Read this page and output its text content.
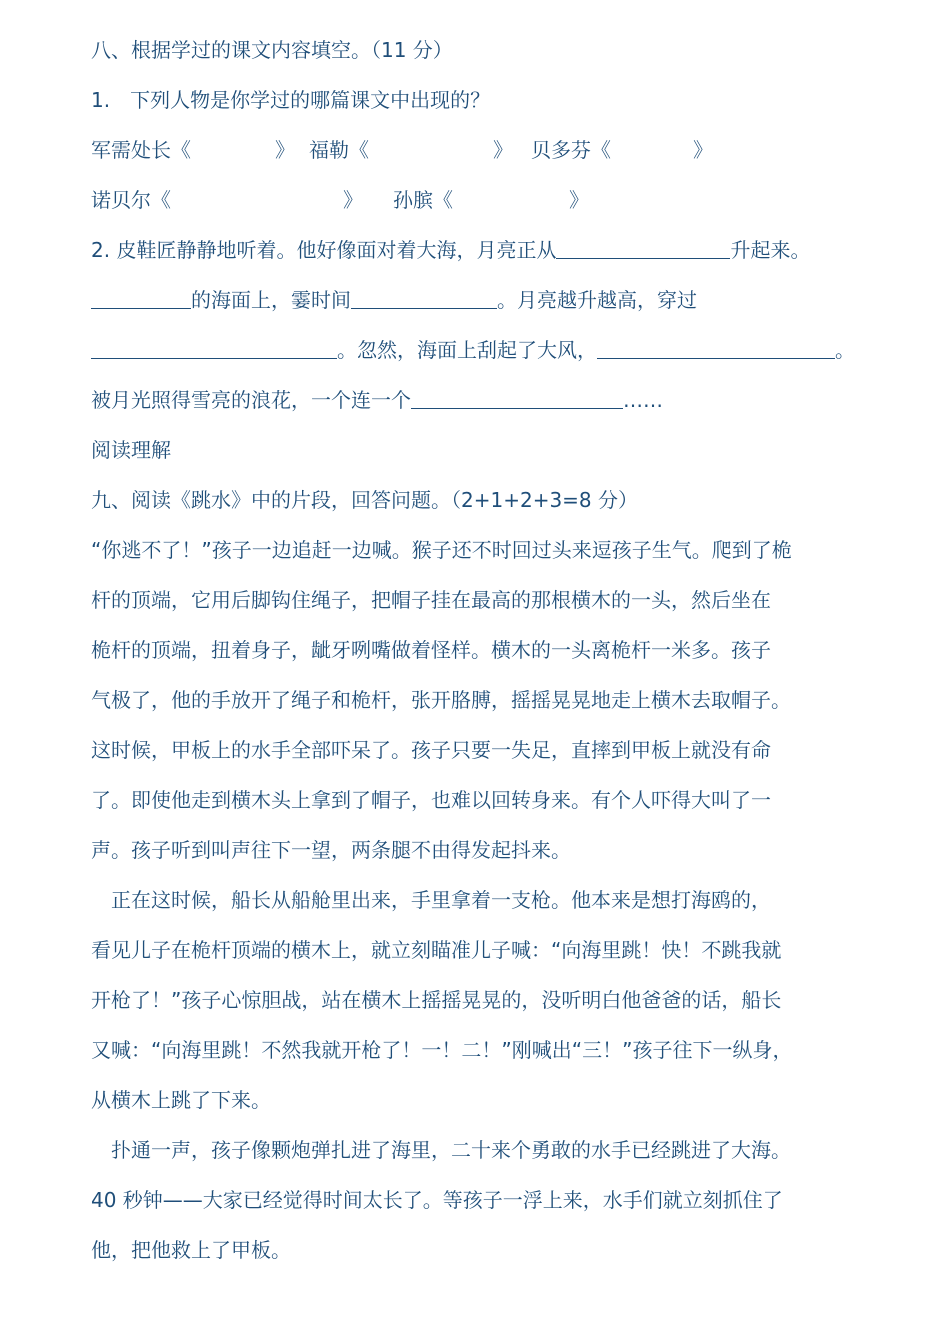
八、根据学过的课文内容填空。（11 分）
1.　下列人物是你学过的哪篇课文中出现的？
军需处长《	》 福勒《	》 贝多芬《	》
诺贝尔《	》 孙膑《	》
2. 皮鞋匠静静地听着。他好像面对着大海，月亮正从	升起来。
的海面上，霎时间	。月亮越升越高，穿过
。忽然，海面上刮起了大风，	。
被月光照得雪亮的浪花，一个连一个	……
阅读理解
九、阅读《跳水》中的片段，回答问题。（2+1+2+3=8 分）
“你逃不了！”孩子一边追赶一边喊。猴子还不时回过头来逗孩子生气。爬到了桅
杆的顶端，它用后脚钩住绳子，把帽子挂在最高的那根横木的一头，然后坐在
桅杆的顶端，扭着身子，龇牙咧嘴做着怪样。横木的一头离桅杆一米多。孩子
气极了，他的手放开了绳子和桅杆，张开胳膊，摇摇晃晃地走上横木去取帽子。
这时候，甲板上的水手全部吓呆了。孩子只要一失足，直摔到甲板上就没有命
了。即使他走到横木头上拿到了帽子，也难以回转身来。有个人吓得大叫了一
声。孩子听到叫声往下一望，两条腿不由得发起抖来。
　正在这时候，船长从船舱里出来，手里拿着一支枪。他本来是想打海鸥的，
看见儿子在桅杆顶端的横木上，就立刻瞄准儿子喊：“向海里跳！快！不跳我就
开枪了！”孩子心惊胆战，站在横木上摇摇晃晃的，没听明白他爸爸的话，船长
又喊：“向海里跳！不然我就开枪了！一！二！”刚喊出“三！”孩子往下一纵身，
从横木上跳了下来。
　扑通一声，孩子像颗炮弹扎进了海里，二十来个勇敢的水手已经跳进了大海。
40 秒钟——大家已经觉得时间太长了。等孩子一浮上来，水手们就立刻抓住了
他，把他救上了甲板。
